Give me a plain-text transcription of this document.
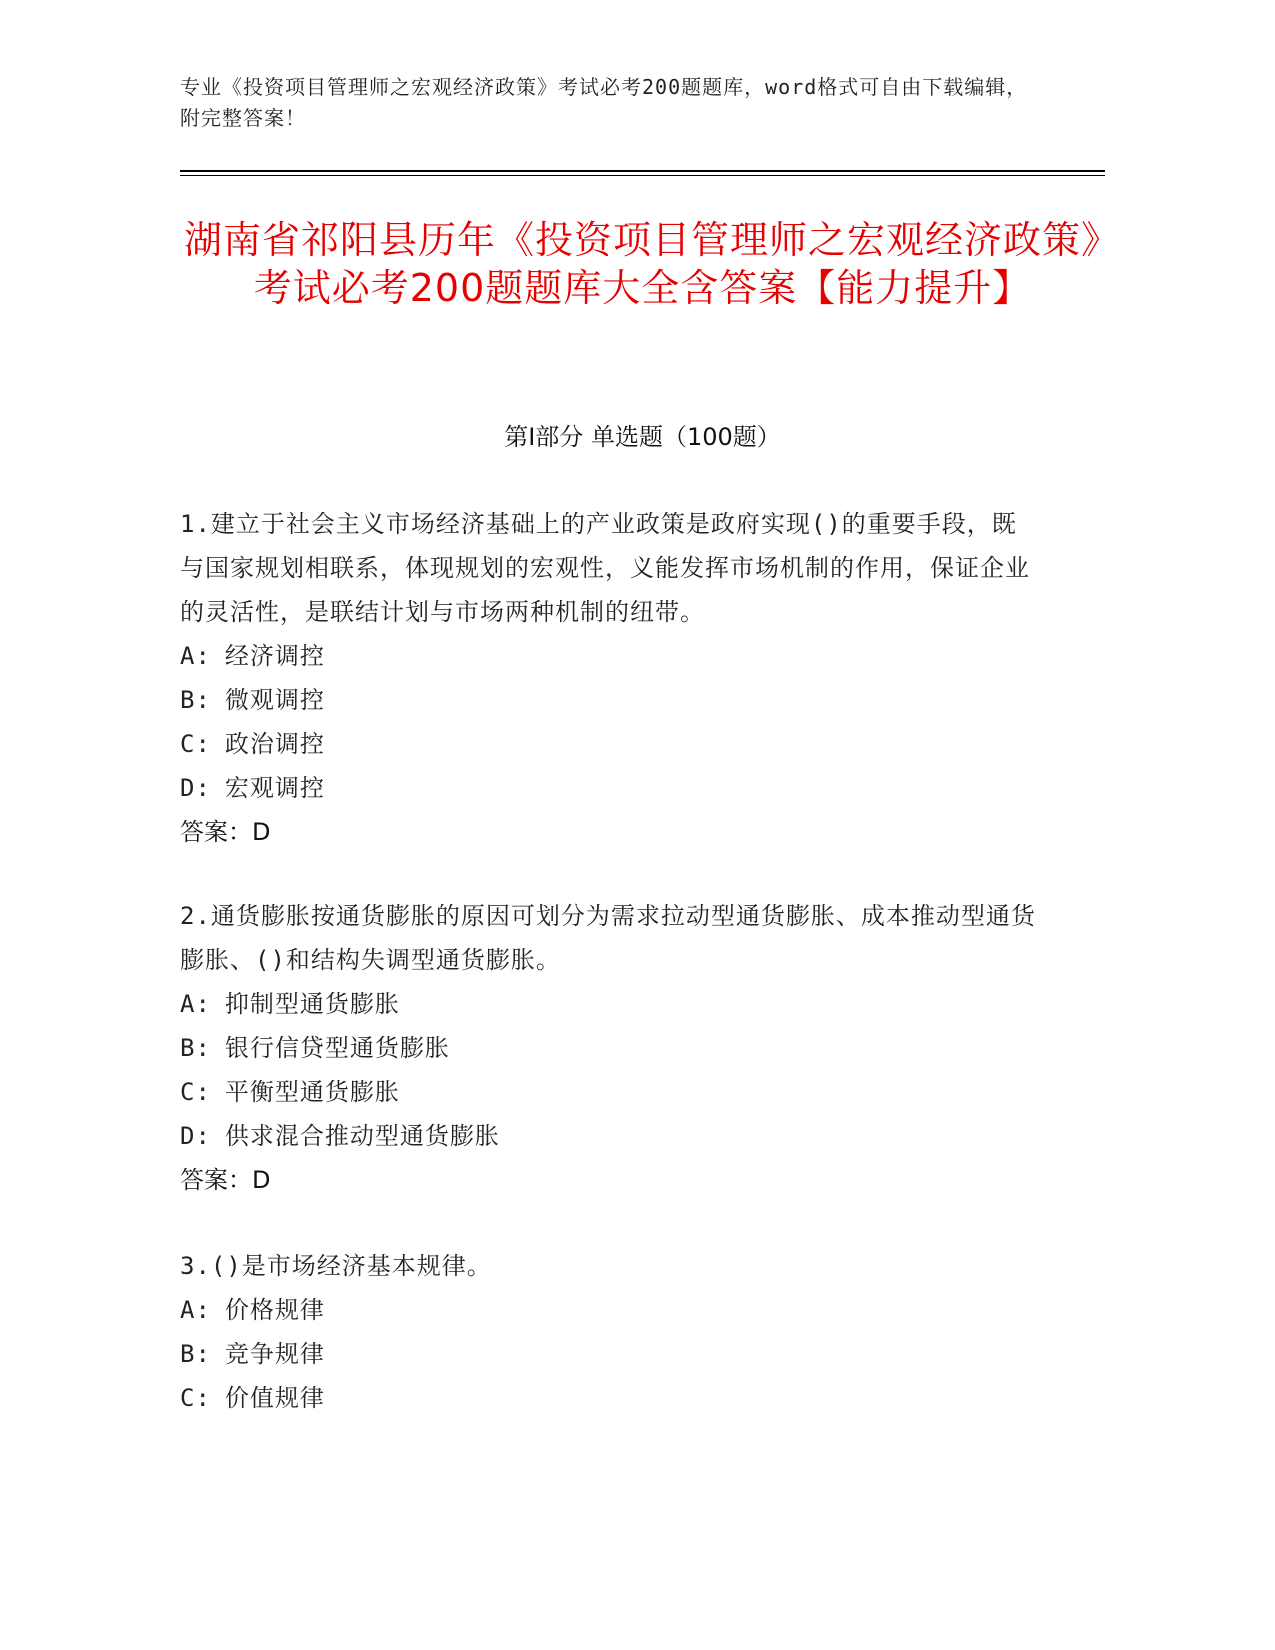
专业《投资项目管理师之宏观经济政策》考试必考200题题库，word格式可自由下载编辑，附完整答案！
湖南省祁阳县历年《投资项目管理师之宏观经济政策》考试必考200题题库大全含答案【能力提升】
第I部分 单选题（100题）

1.建立于社会主义市场经济基础上的产业政策是政府实现()的重要手段，既与国家规划相联系，体现规划的宏观性，义能发挥市场机制的作用，保证企业的灵活性，是联结计划与市场两种机制的纽带。

A: 经济调控

B: 微观调控

C: 政治调控

D: 宏观调控

答案：D

2.通货膨胀按通货膨胀的原因可划分为需求拉动型通货膨胀、成本推动型通货膨胀、()和结构失调型通货膨胀。

A: 抑制型通货膨胀

B: 银行信贷型通货膨胀

C: 平衡型通货膨胀

D: 供求混合推动型通货膨胀

答案：D

3.()是市场经济基本规律。

A: 价格规律

B: 竞争规律

C: 价值规律
